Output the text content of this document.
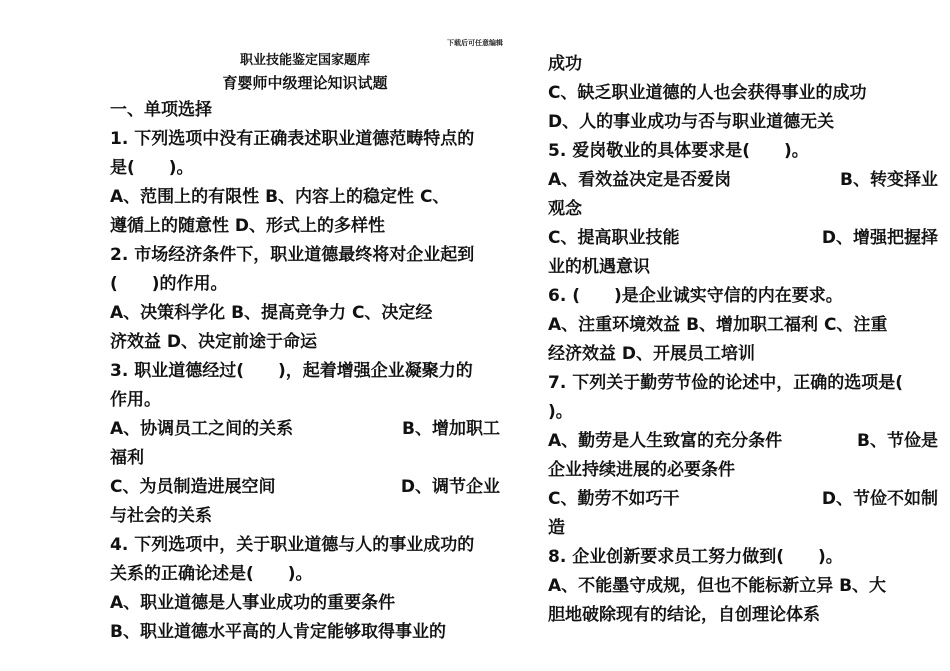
下载后可任意编辑
职业技能鉴定国家题库
育婴师中级理论知识试题
一、单项选择
1. 下列选项中没有正确表述职业道德范畴特点的
是(　　)。
A、范围上的有限性 B、内容上的稳定性 C、
遵循上的随意性 D、形式上的多样性
2. 市场经济条件下，职业道德最终将对企业起到
(　　)的作用。
A、决策科学化 B、提高竞争力 C、决定经
济效益 D、决定前途于命运
3. 职业道德经过(　　)，起着增强企业凝聚力的
作用。
A、协调员工之间的关系	B、增加职工
福利
C、为员制造进展空间	D、调节企业
与社会的关系
4. 下列选项中，关于职业道德与人的事业成功的
关系的正确论述是(　　)。
A、职业道德是人事业成功的重要条件
B、职业道德水平高的人肯定能够取得事业的
成功
C、缺乏职业道德的人也会获得事业的成功
D、人的事业成功与否与职业道德无关
5. 爱岗敬业的具体要求是(　　)。
A、看效益决定是否爱岗	B、转变择业
观念
C、提高职业技能	D、增强把握择
业的机遇意识
6. (　　)是企业诚实守信的内在要求。
A、注重环境效益 B、增加职工福利 C、注重
经济效益 D、开展员工培训
7. 下列关于勤劳节俭的论述中，正确的选项是(
)。
A、勤劳是人生致富的充分条件	B、节俭是
企业持续进展的必要条件
C、勤劳不如巧干	D、节俭不如制
造
8. 企业创新要求员工努力做到(　　)。
A、不能墨守成规，但也不能标新立异 B、大
胆地破除现有的结论，自创理论体系
